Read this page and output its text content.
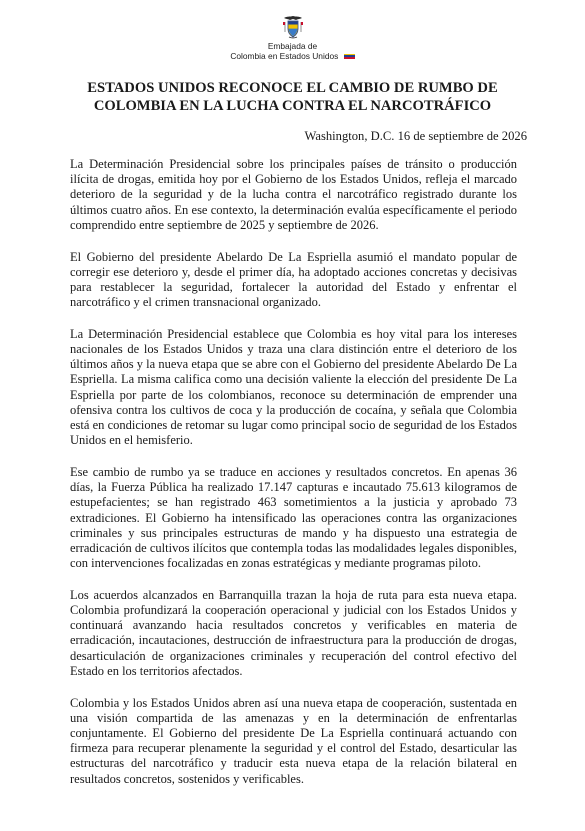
Embajada de
Colombia en Estados Unidos
ESTADOS UNIDOS RECONOCE EL CAMBIO DE RUMBO DE COLOMBIA EN LA LUCHA CONTRA EL NARCOTRÁFICO
Washington, D.C. 16 de septiembre de 2026

La Determinación Presidencial sobre los principales países de tránsito o producción ilícita de drogas, emitida hoy por el Gobierno de los Estados Unidos, refleja el marcado deterioro de la seguridad y de la lucha contra el narcotráfico registrado durante los últimos cuatro años. En ese contexto, la determinación evalúa específicamente el periodo comprendido entre septiembre de 2025 y septiembre de 2026.

El Gobierno del presidente Abelardo De La Espriella asumió el mandato popular de corregir ese deterioro y, desde el primer día, ha adoptado acciones concretas y decisivas para restablecer la seguridad, fortalecer la autoridad del Estado y enfrentar el narcotráfico y el crimen transnacional organizado.

La Determinación Presidencial establece que Colombia es hoy vital para los intereses nacionales de los Estados Unidos y traza una clara distinción entre el deterioro de los últimos años y la nueva etapa que se abre con el Gobierno del presidente Abelardo De La Espriella. La misma califica como una decisión valiente la elección del presidente De La Espriella por parte de los colombianos, reconoce su determinación de emprender una ofensiva contra los cultivos de coca y la producción de cocaína, y señala que Colombia está en condiciones de retomar su lugar como principal socio de seguridad de los Estados Unidos en el hemisferio.

Ese cambio de rumbo ya se traduce en acciones y resultados concretos. En apenas 36 días, la Fuerza Pública ha realizado 17.147 capturas e incautado 75.613 kilogramos de estupefacientes; se han registrado 463 sometimientos a la justicia y aprobado 73 extradiciones. El Gobierno ha intensificado las operaciones contra las organizaciones criminales y sus principales estructuras de mando y ha dispuesto una estrategia de erradicación de cultivos ilícitos que contempla todas las modalidades legales disponibles, con intervenciones focalizadas en zonas estratégicas y mediante programas piloto.

Los acuerdos alcanzados en Barranquilla trazan la hoja de ruta para esta nueva etapa. Colombia profundizará la cooperación operacional y judicial con los Estados Unidos y continuará avanzando hacia resultados concretos y verificables en materia de erradicación, incautaciones, destrucción de infraestructura para la producción de drogas, desarticulación de organizaciones criminales y recuperación del control efectivo del Estado en los territorios afectados.

Colombia y los Estados Unidos abren así una nueva etapa de cooperación, sustentada en una visión compartida de las amenazas y en la determinación de enfrentarlas conjuntamente. El Gobierno del presidente De La Espriella continuará actuando con firmeza para recuperar plenamente la seguridad y el control del Estado, desarticular las estructuras del narcotráfico y traducir esta nueva etapa de la relación bilateral en resultados concretos, sostenidos y verificables.
